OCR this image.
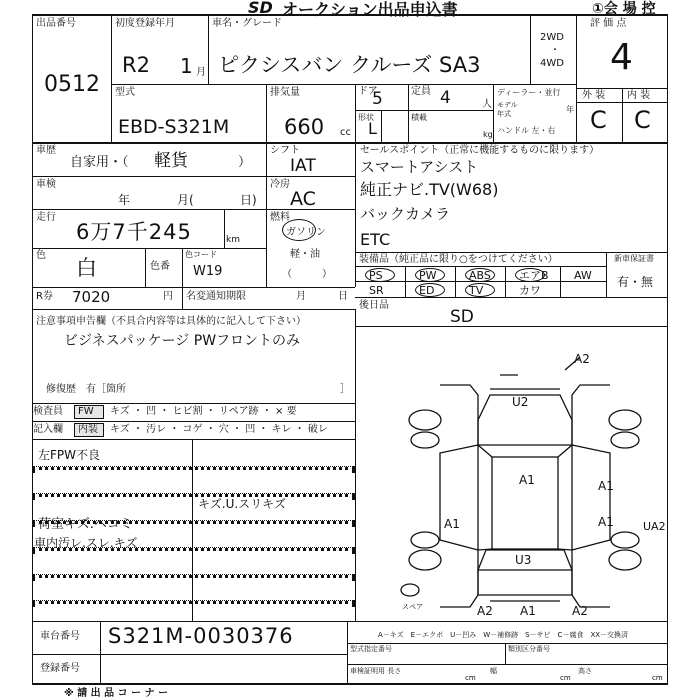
SD オークション出品申込書	①会 場 控
出品番号
0512
初度登録年月
R2 1 月
車名・グレード
ピクシスバン クルーズ SA3
2WD
・
4WD
評 価 点
4
型式
EBD-S321M
排気量
660 cc
ドア
5	定員 4	人
形状
L
積載
kg
ディーラー・並行
モデル
年式	年
ハンドル 左・右
外 装 内 装
C C
車歴
自家用・（ 軽貨	）
シフト
IAT
車検
年	月(	日)
冷房
AC
走行
6万7千245	km
燃料
ガソリン
軽・油
（　　　）
色
白	色番
色コード
W19
セールスポイント（正常に機能するものに限ります）
スマートアシスト
純正ナビ.TV(W68)
バックカメラ
ETC
装備品（純正品に限り○をつけてください）	新車保証書
有・無
PS	PW	ABS	エアB AW
SR	ED	TV	カワ
R券 7020	円 名変通知期限	月	日
後日品
SD
注意事項申告欄（不具合内容等は具体的に記入して下さい）
ビジネスパッケージ PWフロントのみ
修復歴　有［箇所	］
検査員 FW キズ ・ 凹 ・ ヒビ割 ・ リペア跡 ・ × 要
記入欄 内装 キズ ・ 汚レ ・ コゲ ・ 穴 ・ 凹 ・ キレ ・ 破レ
左FPW不良
荷室キズ.ヘコミ
車内汚レ.スレ.キズ
キズ.U.スリキズ
スペア
A2
U2
A1	A1
A1	A1
U3
A2 A1	A2
UA2
車台番号 S321M-0030376
登録番号
A－キズ　E－エクボ　U－凹み　W－補修跡　S－サビ　C－腐食　XX－交換済
型式指定番号	類別区分番号
車検証明用 長さ
cm
幅
cm
高さ
cm
※ 請 出 品 コ ー ナ ー
